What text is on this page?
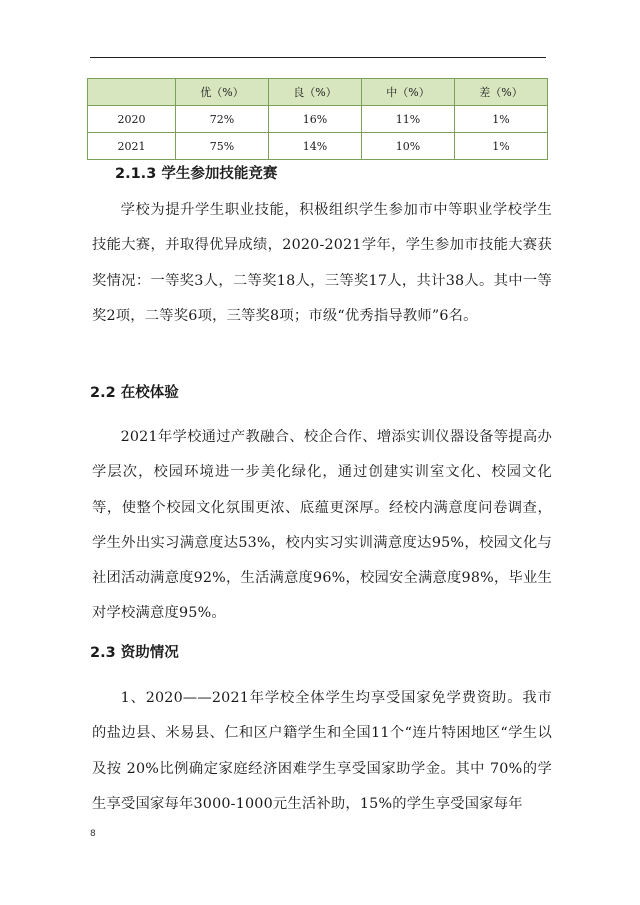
	优（%）	良（%）	中（%）	差（%）
2020	72%	16%	11%	1%
2021	75%	14%	10%	1%
2.1.3 学生参加技能竞赛

学校为提升学生职业技能，积极组织学生参加市中等职业学校学生技能大赛，并取得优异成绩，2020-2021学年，学生参加市技能大赛获奖情况：一等奖3人，二等奖18人，三等奖17人，共计38人。其中一等奖2项，二等奖6项，三等奖8项；市级“优秀指导教师”6名。

2.2 在校体验

2021年学校通过产教融合、校企合作、增添实训仪器设备等提高办学层次，校园环境进一步美化绿化，通过创建实训室文化、校园文化等，使整个校园文化氛围更浓、底蕴更深厚。经校内满意度问卷调查，学生外出实习满意度达53%，校内实习实训满意度达95%，校园文化与社团活动满意度92%，生活满意度96%，校园安全满意度98%，毕业生对学校满意度95%。

2.3 资助情况

1、2020——2021年学校全体学生均享受国家免学费资助。我市的盐边县、米易县、仁和区户籍学生和全国11个“连片特困地区“学生以及按 20%比例确定家庭经济困难学生享受国家助学金。其中 70%的学生享受国家每年3000-1000元生活补助，15%的学生享受国家每年

8
